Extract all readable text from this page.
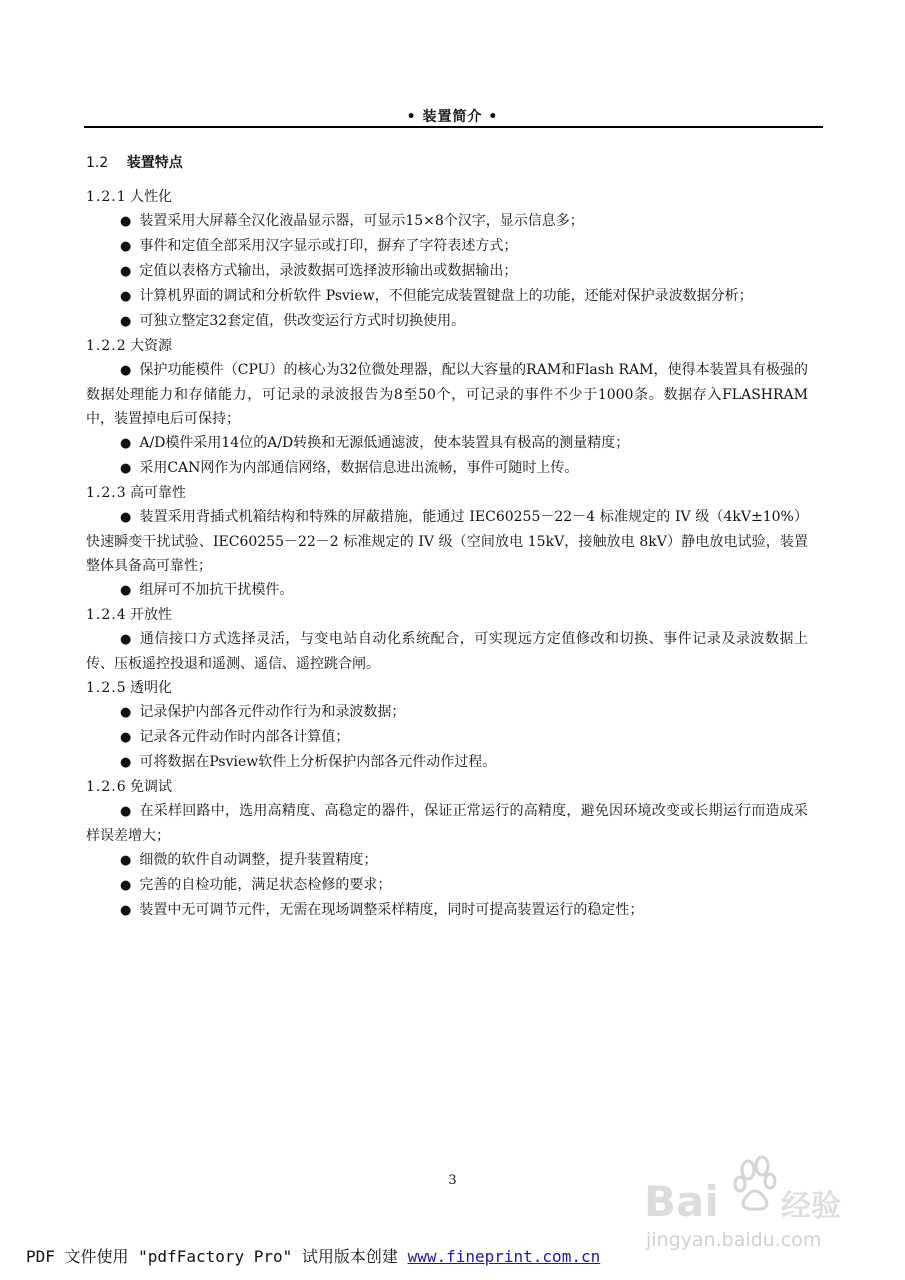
• 装置简介 •
1.2 装置特点
1.2.1 人性化
● 装置采用大屏幕全汉化液晶显示器，可显示15×8个汉字，显示信息多；
● 事件和定值全部采用汉字显示或打印，摒弃了字符表述方式；
● 定值以表格方式输出，录波数据可选择波形输出或数据输出；
● 计算机界面的调试和分析软件 Psview，不但能完成装置键盘上的功能，还能对保护录波数据分析；
● 可独立整定32套定值，供改变运行方式时切换使用。
1.2.2 大资源
● 保护功能模件（CPU）的核心为32位微处理器，配以大容量的RAM和Flash RAM，使得本装置具有极强的数据处理能力和存储能力，可记录的录波报告为8至50个，可记录的事件不少于1000条。数据存入FLASHRAM中，装置掉电后可保持；
● A/D模件采用14位的A/D转换和无源低通滤波，使本装置具有极高的测量精度；
● 采用CAN网作为内部通信网络，数据信息进出流畅，事件可随时上传。
1.2.3 高可靠性
● 装置采用背插式机箱结构和特殊的屏蔽措施，能通过 IEC60255－22－4 标准规定的 IV 级（4kV±10%）快速瞬变干扰试验、IEC60255－22－2 标准规定的 IV 级（空间放电 15kV，接触放电 8kV）静电放电试验，装置整体具备高可靠性；
● 组屏可不加抗干扰模件。
1.2.4 开放性
● 通信接口方式选择灵活，与变电站自动化系统配合，可实现远方定值修改和切换、事件记录及录波数据上传、压板遥控投退和遥测、遥信、遥控跳合闸。
1.2.5 透明化
● 记录保护内部各元件动作行为和录波数据；
● 记录各元件动作时内部各计算值；
● 可将数据在Psview软件上分析保护内部各元件动作过程。
1.2.6 免调试
● 在采样回路中，选用高精度、高稳定的器件，保证正常运行的高精度，避免因环境改变或长期运行而造成采样误差增大；
● 细微的软件自动调整，提升装置精度；
● 完善的自检功能，满足状态检修的要求；
● 装置中无可调节元件，无需在现场调整采样精度，同时可提高装置运行的稳定性；
3	Bai 经验
jingyan.baidu.com
PDF 文件使用 "pdfFactory Pro" 试用版本创建 www.fineprint.com.cn
